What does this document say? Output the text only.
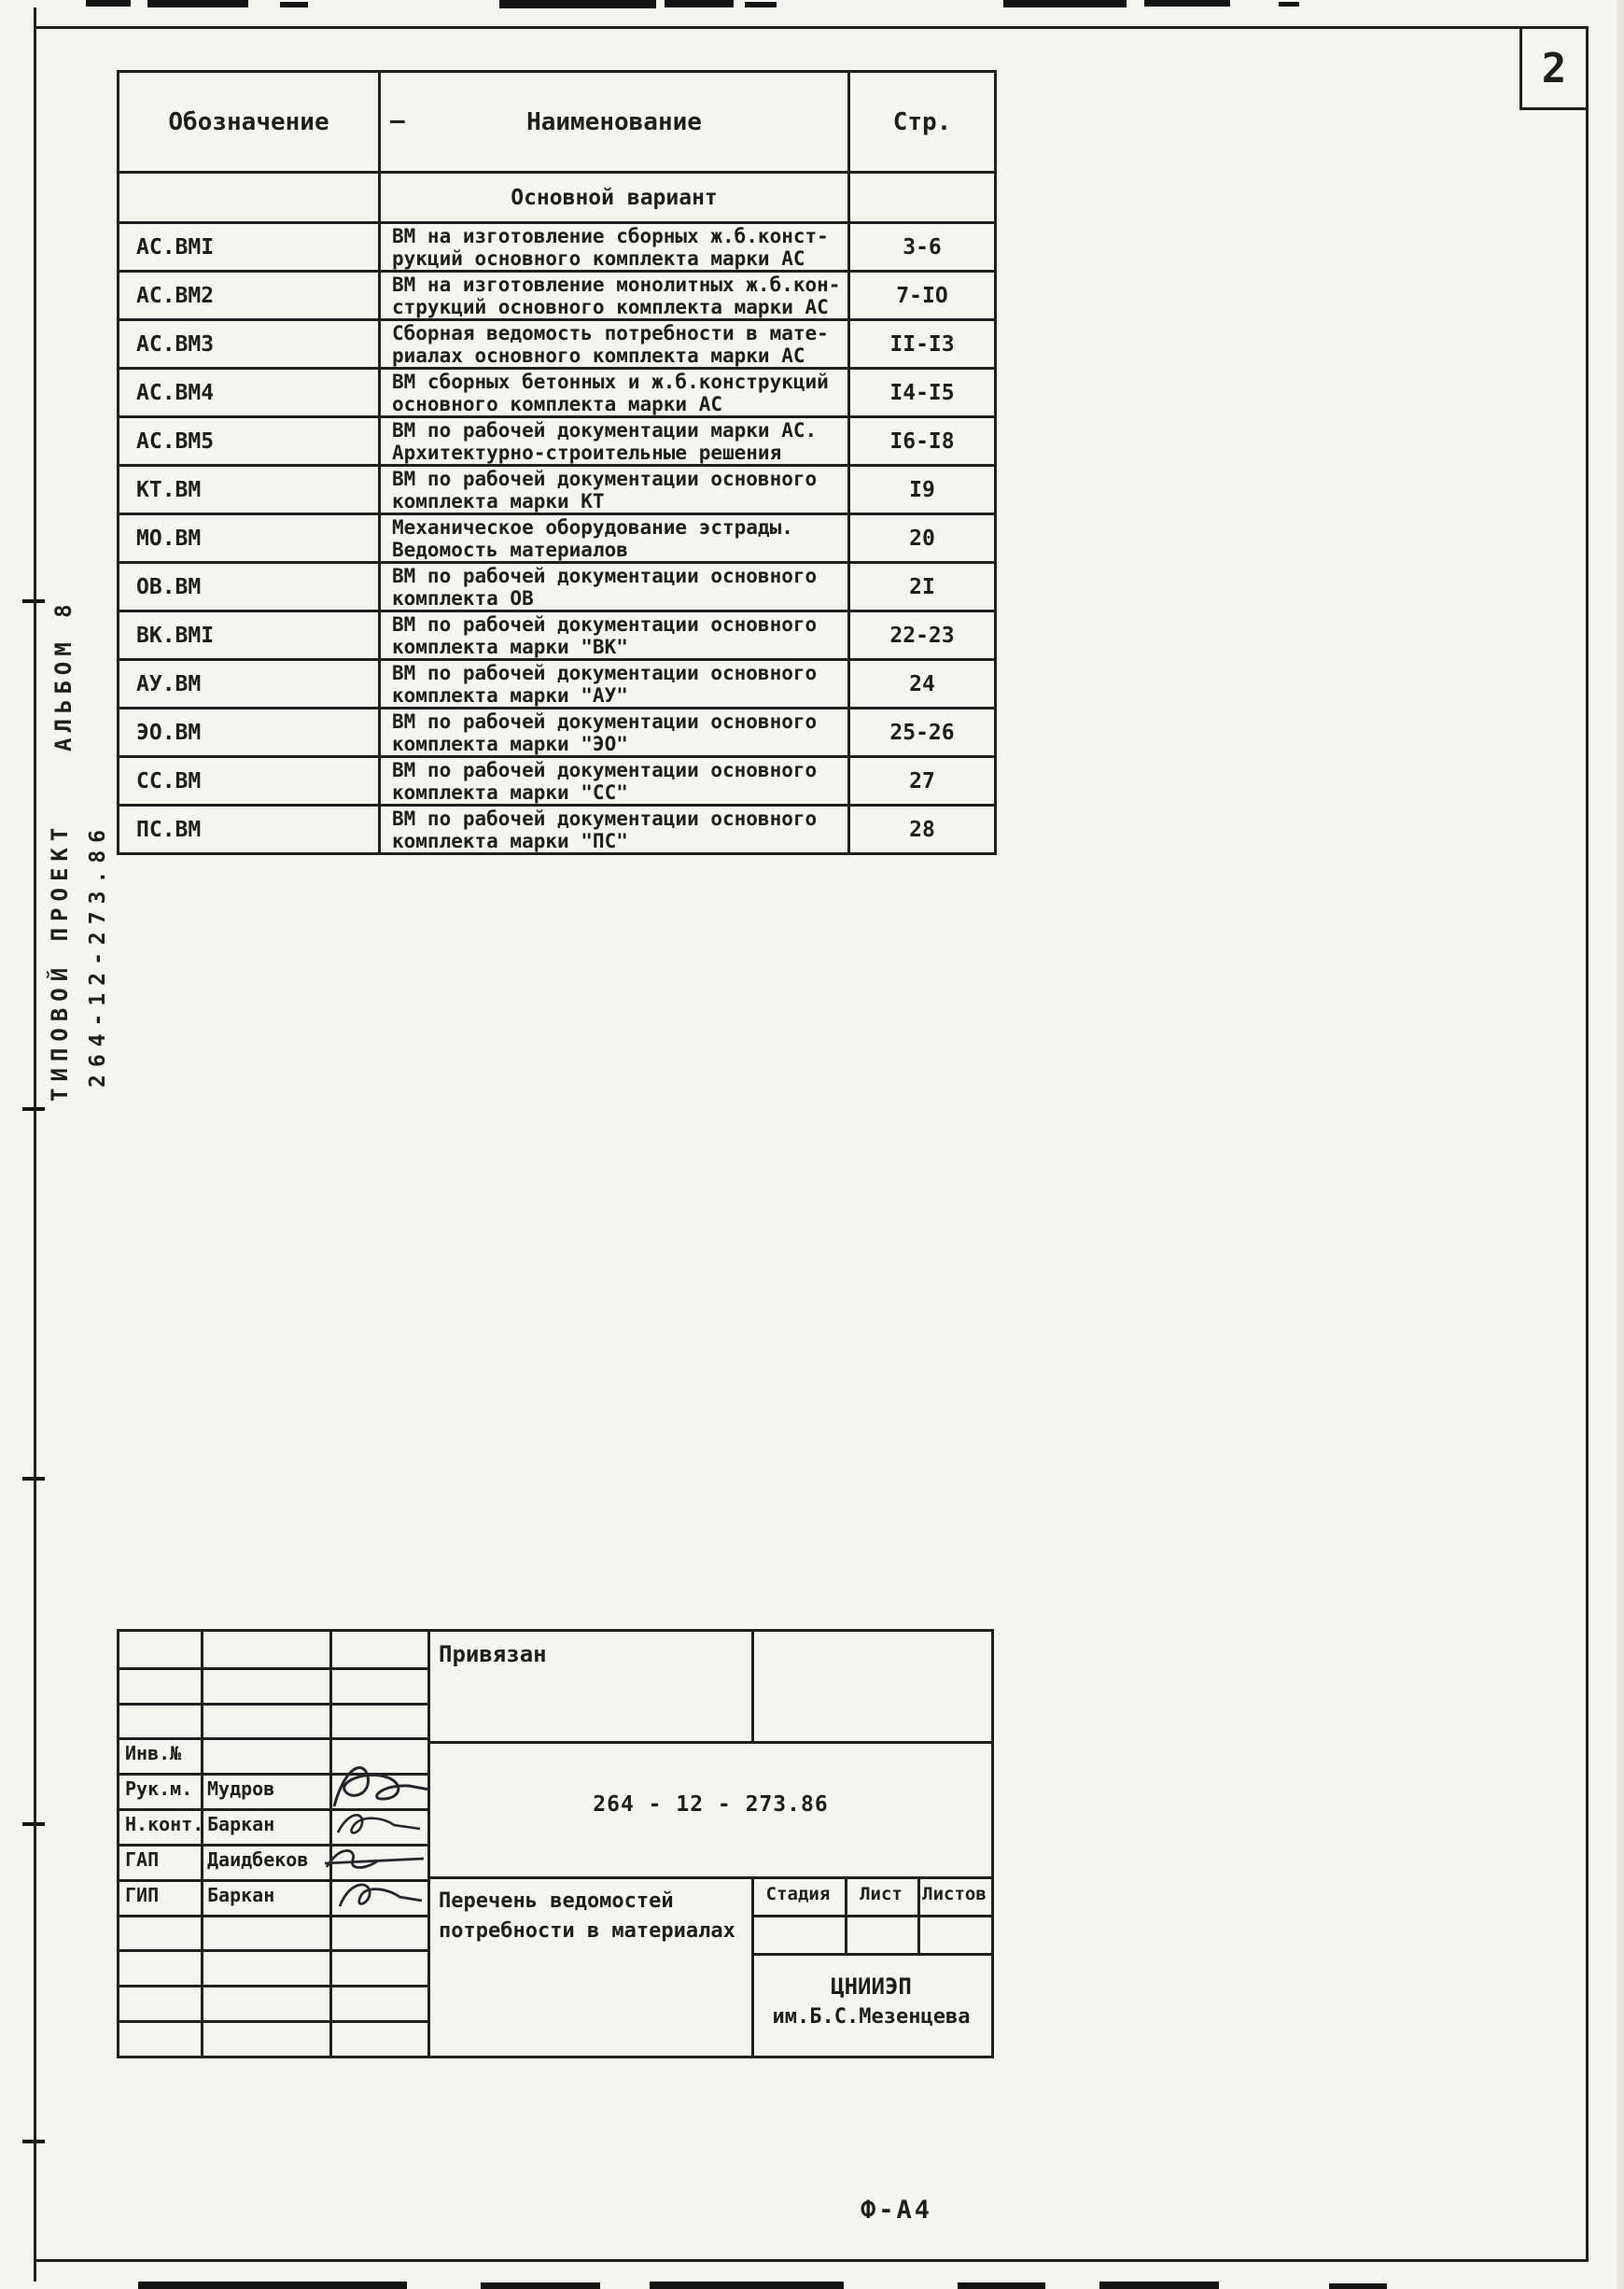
2
АЛЬБОМ 8
ТИПОВОЙ ПРОЕКТ 264-12-273.86
Обозначение	— Наименование	Стр.
	Основной вариант	
АС.ВМI	ВМ на изготовление сборных ж.б.конст-
рукций основного комплекта марки АС	3-6
АС.ВМ2	ВМ на изготовление монолитных ж.б.кон-
струкций основного комплекта марки АС	7-IO
АС.ВМ3	Сборная ведомость потребности в мате-
риалах основного комплекта марки АС	II-I3
АС.ВМ4	ВМ сборных бетонных и ж.б.конструкций
основного комплекта марки АС	I4-I5
АС.ВМ5	ВМ по рабочей документации марки АС.
Архитектурно-строительные решения	I6-I8
КТ.ВМ	ВМ по рабочей документации основного
комплекта марки КТ	I9
МО.ВМ	Механическое оборудование эстрады.
Ведомость материалов	20
ОВ.ВМ	ВМ по рабочей документации основного
комплекта ОВ	2I
ВК.ВМI	ВМ по рабочей документации основного
комплекта марки "ВК"	22-23
АУ.ВМ	ВМ по рабочей документации основного
комплекта марки "АУ"	24
ЭО.ВМ	ВМ по рабочей документации основного
комплекта марки "ЭО"	25-26
СС.ВМ	ВМ по рабочей документации основного
комплекта марки "СС"	27
ПС.ВМ	ВМ по рабочей документации основного
комплекта марки "ПС"	28
Инв.№
Рук.м. Мудров
Н.конт. Баркан
ГАП	Даидбеков
ГИП	Баркан
Привязан
264 - 12 - 273.86
Перечень ведомостей
потребности в материалах
Стадия	Лист	Листов
ЦНИИЭП
им.Б.С.Мезенцева
Ф-А4
